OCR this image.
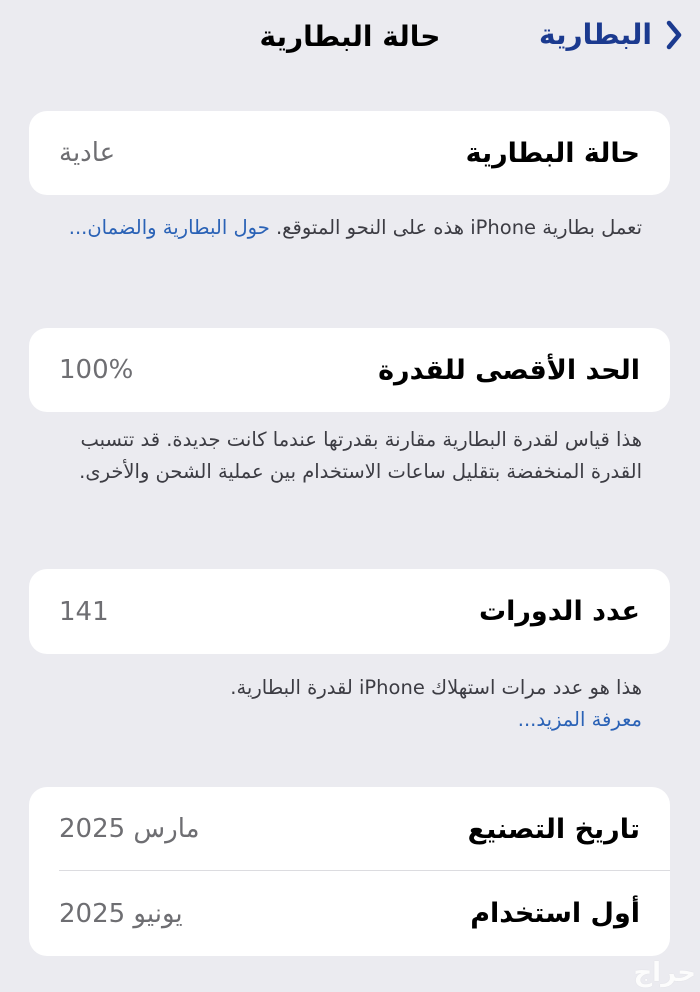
البطارية
حالة البطارية
حالة البطارية
عادية
تعمل بطارية iPhone هذه على النحو المتوقع. حول البطارية والضمان...
الحد الأقصى للقدرة
100%
هذا قياس لقدرة البطارية مقارنة بقدرتها عندما كانت جديدة. قد تتسبب القدرة المنخفضة بتقليل ساعات الاستخدام بين عملية الشحن والأخرى.
عدد الدورات
141
هذا هو عدد مرات استهلاك iPhone لقدرة البطارية.
معرفة المزيد...
تاريخ التصنيع
مارس 2025
أول استخدام
يونيو 2025
حراج
